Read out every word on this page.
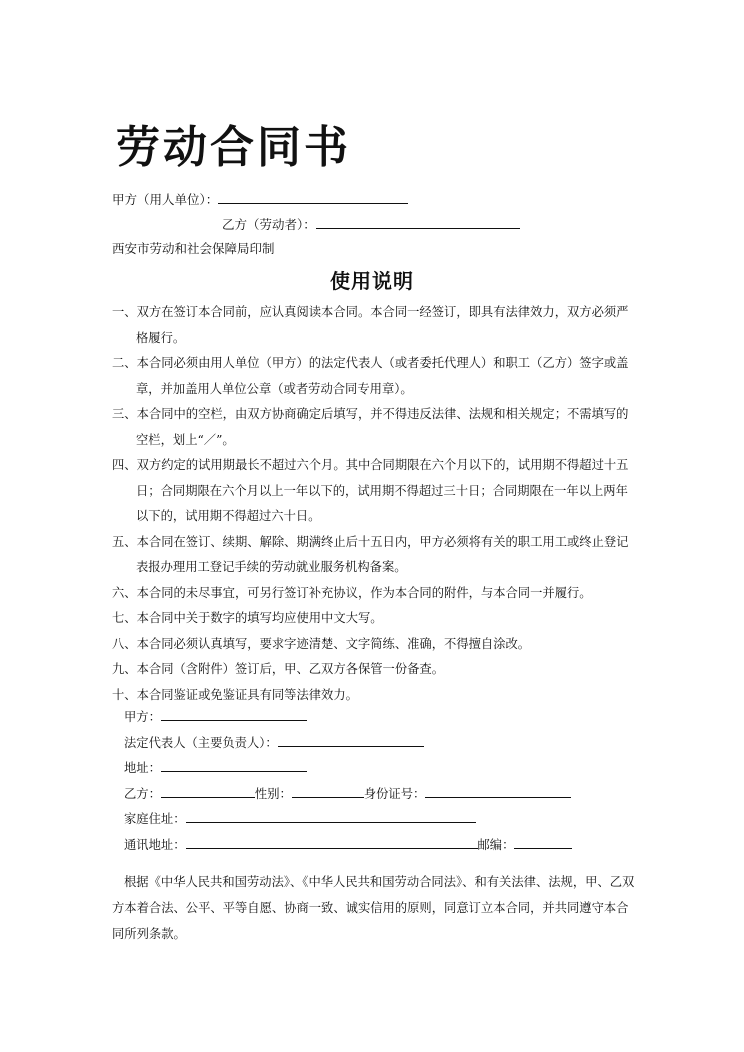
劳动合同书
甲方（用人单位）：
乙方（劳动者）：
西安市劳动和社会保障局印制
使用说明
一、双方在签订本合同前，应认真阅读本合同。本合同一经签订，即具有法律效力，双方必须严格履行。
二、本合同必须由用人单位（甲方）的法定代表人（或者委托代理人）和职工（乙方）签字或盖章，并加盖用人单位公章（或者劳动合同专用章）。
三、本合同中的空栏，由双方协商确定后填写，并不得违反法律、法规和相关规定；不需填写的空栏，划上“／”。
四、双方约定的试用期最长不超过六个月。其中合同期限在六个月以下的，试用期不得超过十五日；合同期限在六个月以上一年以下的，试用期不得超过三十日；合同期限在一年以上两年以下的，试用期不得超过六十日。
五、本合同在签订、续期、解除、期满终止后十五日内，甲方必须将有关的职工用工或终止登记表报办理用工登记手续的劳动就业服务机构备案。
六、本合同的未尽事宜，可另行签订补充协议，作为本合同的附件，与本合同一并履行。
七、本合同中关于数字的填写均应使用中文大写。
八、本合同必须认真填写，要求字迹清楚、文字简练、准确，不得擅自涂改。
九、本合同（含附件）签订后，甲、乙双方各保管一份备查。
十、本合同鉴证或免鉴证具有同等法律效力。
甲方：
法定代表人（主要负责人）：
地址：
乙方：	性别：	身份证号：
家庭住址：
通讯地址：	邮编：

根据《中华人民共和国劳动法》、《中华人民共和国劳动合同法》、和有关法律、法规，甲、乙双方本着合法、公平、平等自愿、协商一致、诚实信用的原则，同意订立本合同，并共同遵守本合同所列条款。
